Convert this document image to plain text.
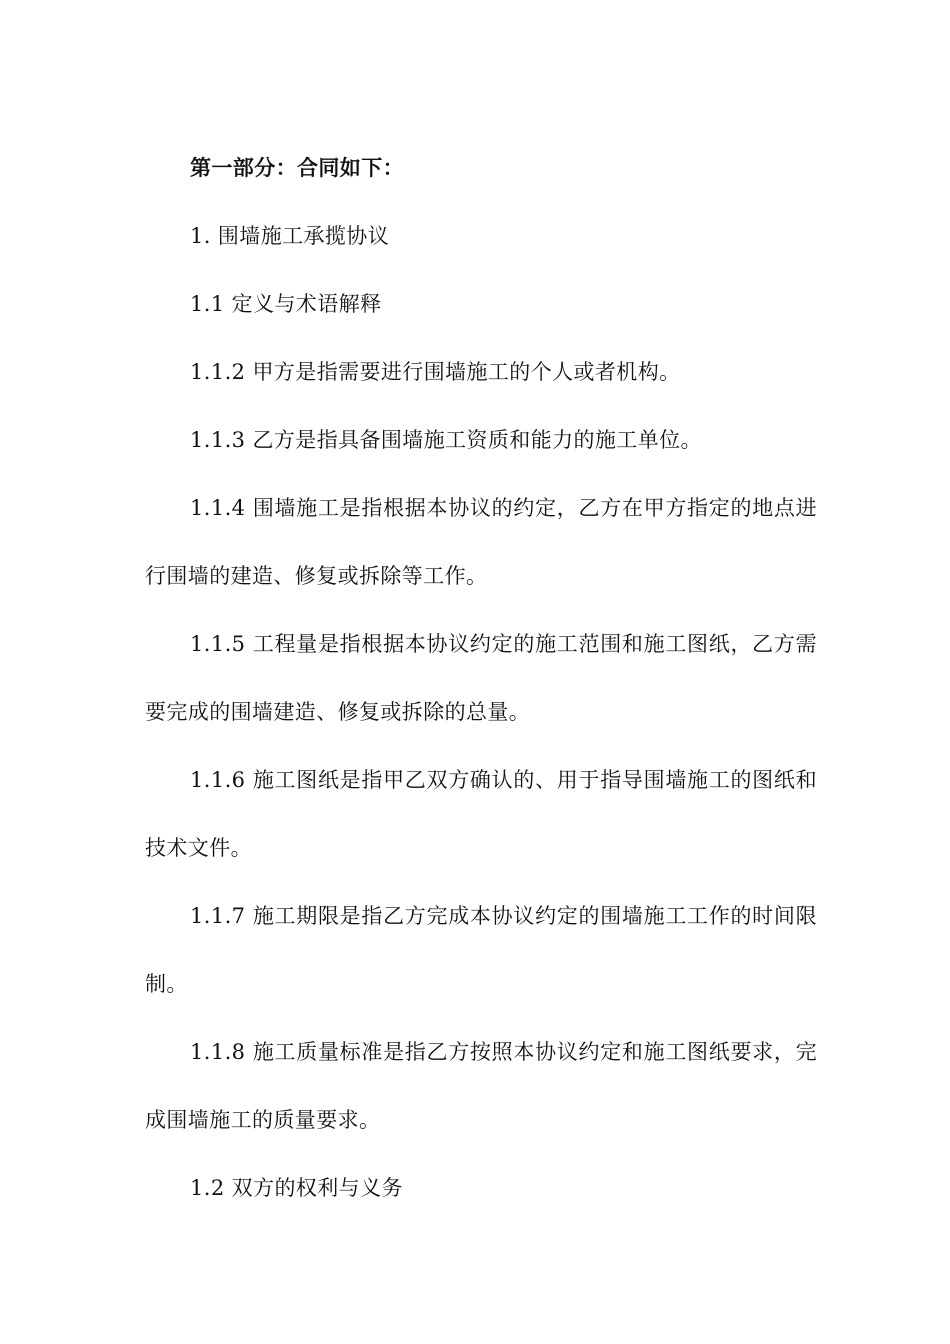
第一部分：合同如下：

1. 围墙施工承揽协议

1.1 定义与术语解释

1.1.2 甲方是指需要进行围墙施工的个人或者机构。

1.1.3 乙方是指具备围墙施工资质和能力的施工单位。

1.1.4 围墙施工是指根据本协议的约定，乙方在甲方指定的地点进行围墙的建造、修复或拆除等工作。

1.1.5 工程量是指根据本协议约定的施工范围和施工图纸，乙方需要完成的围墙建造、修复或拆除的总量。

1.1.6 施工图纸是指甲乙双方确认的、用于指导围墙施工的图纸和技术文件。

1.1.7 施工期限是指乙方完成本协议约定的围墙施工工作的时间限制。

1.1.8 施工质量标准是指乙方按照本协议约定和施工图纸要求，完成围墙施工的质量要求。

1.2 双方的权利与义务
